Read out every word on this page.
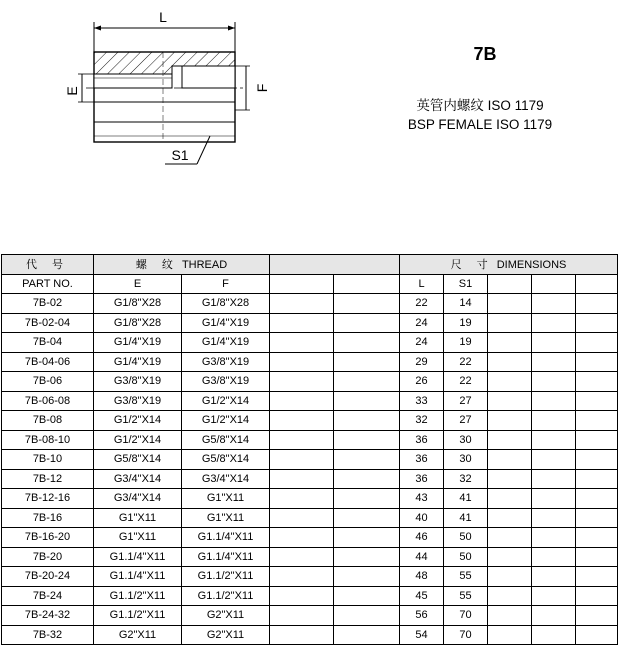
L
E	F
S1
7B
英管内螺纹 ISO 1179
BSP FEMALE ISO 1179
代 号	螺 纹 THREAD				尺 寸 DIMENSIONS				
PART NO.	E	F			L	S1			
7B-02	G1/8"X28	G1/8"X28			22	14			
7B-02-04	G1/8"X28	G1/4"X19			24	19			
7B-04	G1/4"X19	G1/4"X19			24	19			
7B-04-06	G1/4"X19	G3/8"X19			29	22			
7B-06	G3/8"X19	G3/8"X19			26	22			
7B-06-08	G3/8"X19	G1/2"X14			33	27			
7B-08	G1/2"X14	G1/2"X14			32	27			
7B-08-10	G1/2"X14	G5/8"X14			36	30			
7B-10	G5/8"X14	G5/8"X14			36	30			
7B-12	G3/4"X14	G3/4"X14			36	32			
7B-12-16	G3/4"X14	G1"X11			43	41			
7B-16	G1"X11	G1"X11			40	41			
7B-16-20	G1"X11	G1.1/4"X11			46	50			
7B-20	G1.1/4"X11	G1.1/4"X11			44	50			
7B-20-24	G1.1/4"X11	G1.1/2"X11			48	55			
7B-24	G1.1/2"X11	G1.1/2"X11			45	55			
7B-24-32	G1.1/2"X11	G2"X11			56	70			
7B-32	G2"X11	G2"X11			54	70			
